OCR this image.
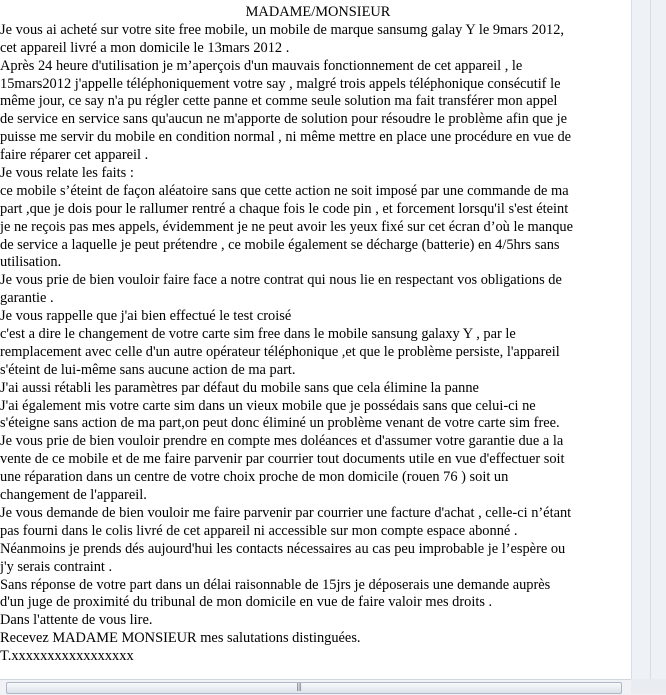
MADAME/MONSIEUR
Je vous ai acheté sur votre site free mobile, un mobile de marque sansumg galay Y le 9mars 2012,
cet appareil livré a mon domicile le 13mars 2012 .
Après 24 heure d'utilisation je m’aperçois d'un mauvais fonctionnement de cet appareil , le
15mars2012 j'appelle téléphoniquement votre say , malgré trois appels téléphonique consécutif le
même jour, ce say n'a pu régler cette panne et comme seule solution ma fait transférer mon appel
de service en service sans qu'aucun ne m'apporte de solution pour résoudre le problème afin que je
puisse me servir du mobile en condition normal , ni même mettre en place une procédure en vue de
faire réparer cet appareil .
Je vous relate les faits :
ce mobile s’éteint de façon aléatoire sans que cette action ne soit imposé par une commande de ma
part ,que je dois pour le rallumer rentré a chaque fois le code pin , et forcement lorsqu'il s'est éteint
je ne reçois pas mes appels, évidemment je ne peut avoir les yeux fixé sur cet écran d’où le manque
de service a laquelle je peut prétendre , ce mobile également se décharge (batterie) en 4/5hrs sans
utilisation.
Je vous prie de bien vouloir faire face a notre contrat qui nous lie en respectant vos obligations de
garantie .
Je vous rappelle que j'ai bien effectué le test croisé
c'est a dire le changement de votre carte sim free dans le mobile sansung galaxy Y , par le
remplacement avec celle d'un autre opérateur téléphonique ,et que le problème persiste, l'appareil
s'éteint de lui-même sans aucune action de ma part.
J'ai aussi rétabli les paramètres par défaut du mobile sans que cela élimine la panne
J'ai également mis votre carte sim dans un vieux mobile que je possédais sans que celui-ci ne
s'éteigne sans action de ma part,on peut donc éliminé un problème venant de votre carte sim free.
Je vous prie de bien vouloir prendre en compte mes doléances et d'assumer votre garantie due a la
vente de ce mobile et de me faire parvenir par courrier tout documents utile en vue d'effectuer soit
une réparation dans un centre de votre choix proche de mon domicile (rouen 76 ) soit un
changement de l'appareil.
Je vous demande de bien vouloir me faire parvenir par courrier une facture d'achat , celle-ci n’étant
pas fourni dans le colis livré de cet appareil ni accessible sur mon compte espace abonné .
Néanmoins je prends dés aujourd'hui les contacts nécessaires au cas peu improbable je l’espère ou
j'y serais contraint .
Sans réponse de votre part dans un délai raisonnable de 15jrs je déposerais une demande auprès
d'un juge de proximité du tribunal de mon domicile en vue de faire valoir mes droits .
Dans l'attente de vous lire.
Recevez MADAME MONSIEUR mes salutations distinguées.
T.xxxxxxxxxxxxxxxxx
|||
